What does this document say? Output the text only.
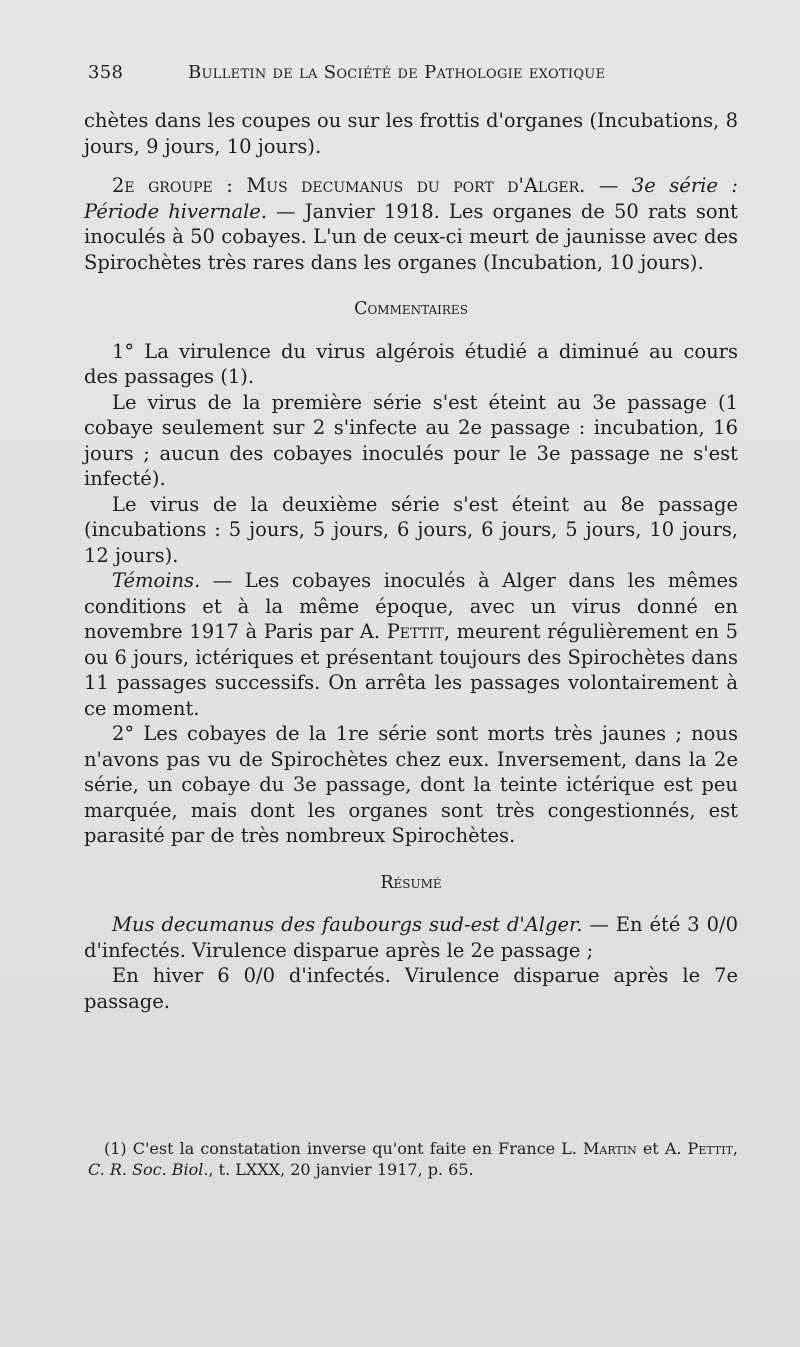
358	Bulletin de la Société de Pathologie exotique

chètes dans les coupes ou sur les frottis d'organes (Incubations, 8 jours, 9 jours, 10 jours).

2e groupe : Mus decumanus du port d'Alger. — 3e série : Période hivernale. — Janvier 1918. Les organes de 50 rats sont inoculés à 50 cobayes. L'un de ceux-ci meurt de jaunisse avec des Spirochètes très rares dans les organes (Incubation, 10 jours).

Commentaires

1° La virulence du virus algérois étudié a diminué au cours des passages (1).

Le virus de la première série s'est éteint au 3e passage (1 cobaye seulement sur 2 s'infecte au 2e passage : incubation, 16 jours ; aucun des cobayes inoculés pour le 3e passage ne s'est infecté).

Le virus de la deuxième série s'est éteint au 8e passage (incubations : 5 jours, 5 jours, 6 jours, 6 jours, 5 jours, 10 jours, 12 jours).

Témoins. — Les cobayes inoculés à Alger dans les mêmes conditions et à la même époque, avec un virus donné en novembre 1917 à Paris par A. Pettit, meurent régulièrement en 5 ou 6 jours, ictériques et présentant toujours des Spirochètes dans 11 passages successifs. On arrêta les passages volontairement à ce moment.

2° Les cobayes de la 1re série sont morts très jaunes ; nous n'avons pas vu de Spirochètes chez eux. Inversement, dans la 2e série, un cobaye du 3e passage, dont la teinte ictérique est peu marquée, mais dont les organes sont très congestionnés, est parasité par de très nombreux Spirochètes.

Résumé

Mus decumanus des faubourgs sud-est d'Alger. — En été 3 0/0 d'infectés. Virulence disparue après le 2e passage ;

En hiver 6 0/0 d'infectés. Virulence disparue après le 7e passage.

(1) C'est la constatation inverse qu'ont faite en France L. Martin et A. Pettit, C. R. Soc. Biol., t. LXXX, 20 janvier 1917, p. 65.
